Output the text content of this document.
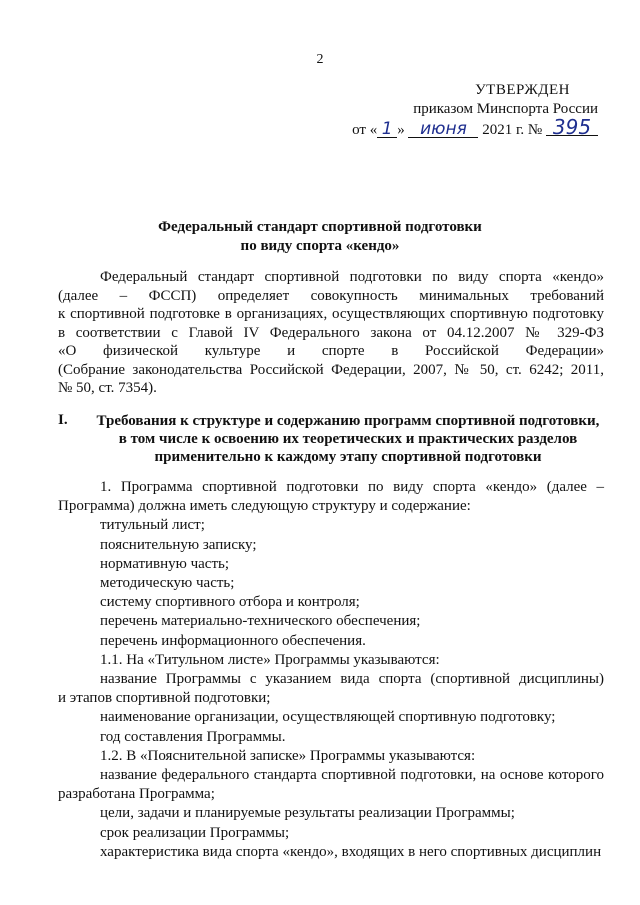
2
УТВЕРЖДЕН
приказом Минспорта России
от « 1 » июня 2021 г. № 395
Федеральный стандарт спортивной подготовки
по виду спорта «кендо»
Федеральный стандарт спортивной подготовки по виду спорта «кендо»
(далее – ФССП) определяет совокупность минимальных требований
к спортивной подготовке в организациях, осуществляющих спортивную подготовку
в соответствии с Главой IV Федерального закона от 04.12.2007 № 329-ФЗ
«О физической культуре и спорте в Российской Федерации»
(Собрание законодательства Российской Федерации, 2007, № 50, ст. 6242; 2011,
№ 50, ст. 7354).
I.	Требования к структуре и содержанию программ спортивной подготовки,
в том числе к освоению их теоретических и практических разделов
применительно к каждому этапу спортивной подготовки
1. Программа спортивной подготовки по виду спорта «кендо» (далее –
Программа) должна иметь следующую структуру и содержание:
титульный лист;
пояснительную записку;
нормативную часть;
методическую часть;
систему спортивного отбора и контроля;
перечень материально-технического обеспечения;
перечень информационного обеспечения.
1.1. На «Титульном листе» Программы указываются:
название Программы с указанием вида спорта (спортивной дисциплины)
и этапов спортивной подготовки;
наименование организации, осуществляющей спортивную подготовку;
год составления Программы.
1.2. В «Пояснительной записке» Программы указываются:
название федерального стандарта спортивной подготовки, на основе которого
разработана Программа;
цели, задачи и планируемые результаты реализации Программы;
срок реализации Программы;
характеристика вида спорта «кендо», входящих в него спортивных дисциплин
